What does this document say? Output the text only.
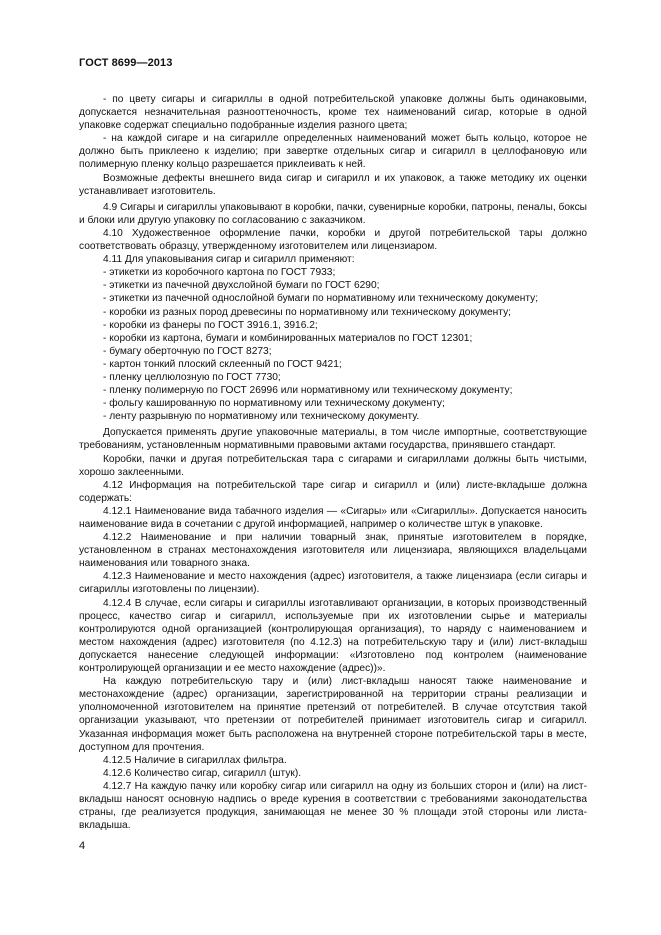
ГОСТ 8699—2013

- по цвету сигары и сигариллы в одной потребительской упаковке должны быть одинаковыми, допускается незначительная разнооттеночность, кроме тех наименований сигар, которые в одной упаковке содержат специально подобранные изделия разного цвета;

- на каждой сигаре и на сигарилле определенных наименований может быть кольцо, которое не должно быть приклеено к изделию; при завертке отдельных сигар и сигарилл в целлофановую или полимерную пленку кольцо разрешается приклеивать к ней.

Возможные дефекты внешнего вида сигар и сигарилл и их упаковок, а также методику их оценки устанавливает изготовитель.

4.9 Сигары и сигариллы упаковывают в коробки, пачки, сувенирные коробки, патроны, пеналы, боксы и блоки или другую упаковку по согласованию с заказчиком.

4.10 Художественное оформление пачки, коробки и другой потребительской тары должно соответствовать образцу, утвержденному изготовителем или лицензиаром.

4.11 Для упаковывания сигар и сигарилл применяют:

- этикетки из коробочного картона по ГОСТ 7933;

- этикетки из пачечной двухслойной бумаги по ГОСТ 6290;

- этикетки из пачечной однослойной бумаги по нормативному или техническому документу;

- коробки из разных пород древесины по нормативному или техническому документу;

- коробки из фанеры по ГОСТ 3916.1, 3916.2;

- коробки из картона, бумаги и комбинированных материалов по ГОСТ 12301;

- бумагу оберточную по ГОСТ 8273;

- картон тонкий плоский склеенный по ГОСТ 9421;

- пленку целлюлозную по ГОСТ 7730;

- пленку полимерную по ГОСТ 26996 или нормативному или техническому документу;

- фольгу кашированную по нормативному или техническому документу;

- ленту разрывную по нормативному или техническому документу.

Допускается применять другие упаковочные материалы, в том числе импортные, соответствующие требованиям, установленным нормативными правовыми актами государства, принявшего стандарт.

Коробки, пачки и другая потребительская тара с сигарами и сигариллами должны быть чистыми, хорошо заклеенными.

4.12 Информация на потребительской таре сигар и сигарилл и (или) листе-вкладыше должна содержать:

4.12.1 Наименование вида табачного изделия — «Сигары» или «Сигариллы». Допускается наносить наименование вида в сочетании с другой информацией, например о количестве штук в упаковке.

4.12.2 Наименование и при наличии товарный знак, принятые изготовителем в порядке, установленном в странах местонахождения изготовителя или лицензиара, являющихся владельцами наименования или товарного знака.

4.12.3 Наименование и место нахождения (адрес) изготовителя, а также лицензиара (если сигары и сигариллы изготовлены по лицензии).

4.12.4 В случае, если сигары и сигариллы изготавливают организации, в которых производственный процесс, качество сигар и сигарилл, используемые при их изготовлении сырье и материалы контролируются одной организацией (контролирующая организация), то наряду с наименованием и местом нахождения (адрес) изготовителя (по 4.12.3) на потребительскую тару и (или) лист-вкладыш допускается нанесение следующей информации: «Изготовлено под контролем (наименование контролирующей организации и ее место нахождение (адрес))».

На каждую потребительскую тару и (или) лист-вкладыш наносят также наименование и местонахождение (адрес) организации, зарегистрированной на территории страны реализации и уполномоченной изготовителем на принятие претензий от потребителей. В случае отсутствия такой организации указывают, что претензии от потребителей принимает изготовитель сигар и сигарилл. Указанная информация может быть расположена на внутренней стороне потребительской тары в месте, доступном для прочтения.

4.12.5 Наличие в сигариллах фильтра.

4.12.6 Количество сигар, сигарилл (штук).

4.12.7 На каждую пачку или коробку сигар или сигарилл на одну из больших сторон и (или) на лист-вкладыш наносят основную надпись о вреде курения в соответствии с требованиями законодательства страны, где реализуется продукция, занимающая не менее 30 % площади этой стороны или листа-вкладыша.

4
